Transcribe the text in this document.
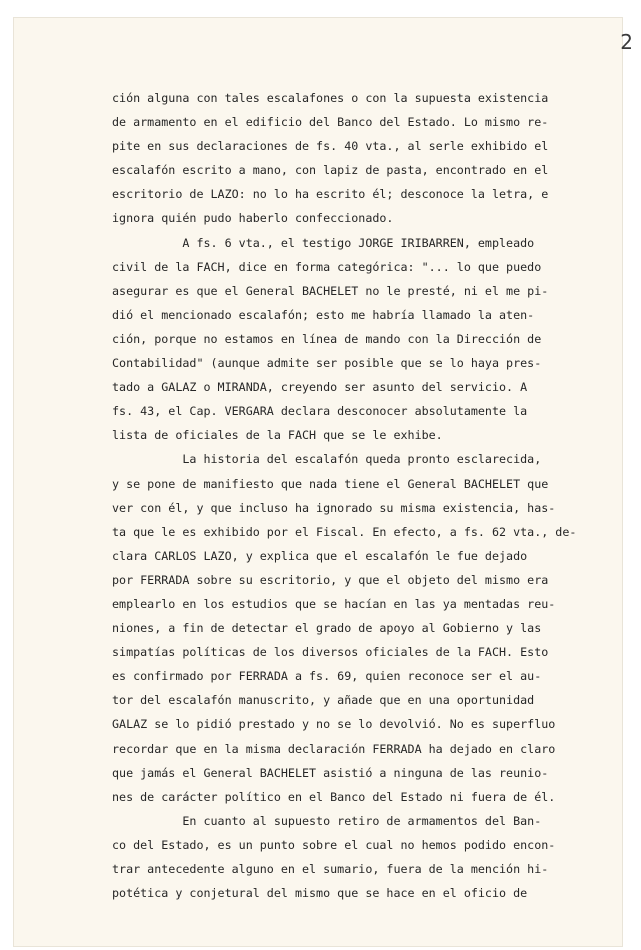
2
ción alguna con tales escalafones o con la supuesta existencia
de armamento en el edificio del Banco del Estado. Lo mismo re-
pite en sus declaraciones de fs. 40 vta., al serle exhibido el
escalafón escrito a mano, con lapiz de pasta, encontrado en el
escritorio de LAZO: no lo ha escrito él; desconoce la letra, e
ignora quién pudo haberlo confeccionado.
A fs. 6 vta., el testigo JORGE IRIBARREN, empleado
civil de la FACH, dice en forma categórica: "... lo que puedo
asegurar es que el General BACHELET no le presté, ni el me pi-
dió el mencionado escalafón; esto me habría llamado la aten-
ción, porque no estamos en línea de mando con la Dirección de
Contabilidad" (aunque admite ser posible que se lo haya pres-
tado a GALAZ o MIRANDA, creyendo ser asunto del servicio. A
fs. 43, el Cap. VERGARA declara desconocer absolutamente la
lista de oficiales de la FACH que se le exhibe.
La historia del escalafón queda pronto esclarecida,
y se pone de manifiesto que nada tiene el General BACHELET que
ver con él, y que incluso ha ignorado su misma existencia, has-
ta que le es exhibido por el Fiscal. En efecto, a fs. 62 vta., de-
clara CARLOS LAZO, y explica que el escalafón le fue dejado
por FERRADA sobre su escritorio, y que el objeto del mismo era
emplearlo en los estudios que se hacían en las ya mentadas reu-
niones, a fin de detectar el grado de apoyo al Gobierno y las
simpatías políticas de los diversos oficiales de la FACH. Esto
es confirmado por FERRADA a fs. 69, quien reconoce ser el au-
tor del escalafón manuscrito, y añade que en una oportunidad
GALAZ se lo pidió prestado y no se lo devolvió. No es superfluo
recordar que en la misma declaración FERRADA ha dejado en claro
que jamás el General BACHELET asistió a ninguna de las reunio-
nes de carácter político en el Banco del Estado ni fuera de él.
En cuanto al supuesto retiro de armamentos del Ban-
co del Estado, es un punto sobre el cual no hemos podido encon-
trar antecedente alguno en el sumario, fuera de la mención hi-
potética y conjetural del mismo que se hace en el oficio de
